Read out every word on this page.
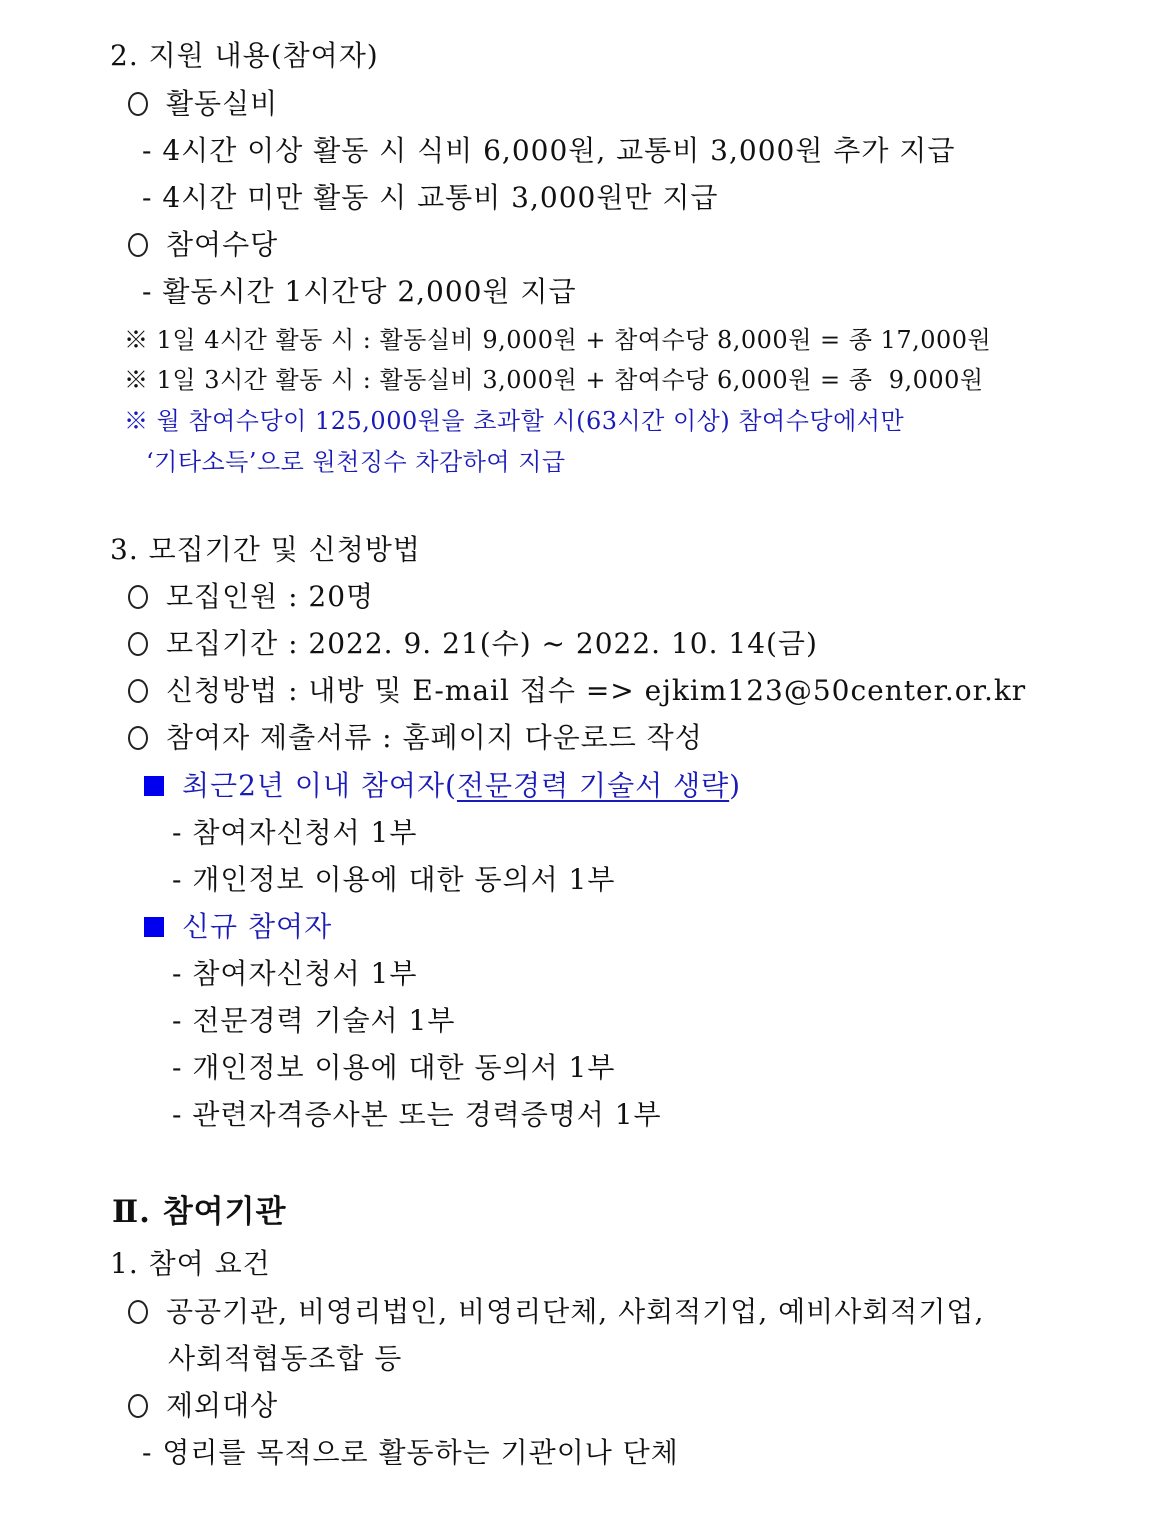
2. 지원 내용(참여자)
활동실비
- 4시간 이상 활동 시 식비 6,000원, 교통비 3,000원 추가 지급
- 4시간 미만 활동 시 교통비 3,000원만 지급
참여수당
- 활동시간 1시간당 2,000원 지급
※ 1일 4시간 활동 시 : 활동실비 9,000원 + 참여수당 8,000원 = 종 17,000원
※ 1일 3시간 활동 시 : 활동실비 3,000원 + 참여수당 6,000원 = 종  9,000원
※ 월 참여수당이 125,000원을 초과할 시(63시간 이상) 참여수당에서만
‘기타소득’으로 원천징수 차감하여 지급
3. 모집기간 및 신청방법
모집인원 : 20명
모집기간 : 2022. 9. 21(수) ~ 2022. 10. 14(금)
신청방법 : 내방 및 E-mail 접수 => ejkim123@50center.or.kr
참여자 제출서류 : 홈페이지 다운로드 작성
최근2년 이내 참여자(전문경력 기술서 생략)
- 참여자신청서 1부
- 개인정보 이용에 대한 동의서 1부
신규 참여자
- 참여자신청서 1부
- 전문경력 기술서 1부
- 개인정보 이용에 대한 동의서 1부
- 관련자격증사본 또는 경력증명서 1부
Ⅱ. 참여기관
1. 참여 요건
공공기관, 비영리법인, 비영리단체, 사회적기업, 예비사회적기업,
사회적협동조합 등
제외대상
- 영리를 목적으로 활동하는 기관이나 단체
